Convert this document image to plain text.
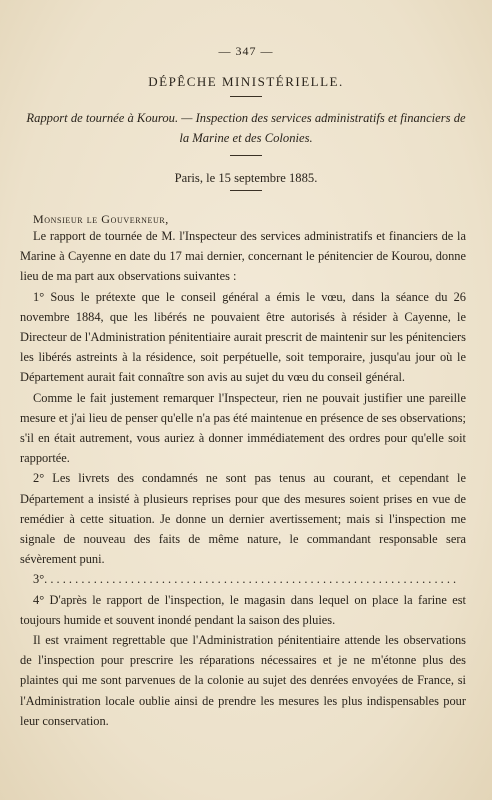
— 347 —
DÉPÊCHE MINISTÉRIELLE.
Rapport de tournée à Kourou. — Inspection des services administratifs et financiers de la Marine et des Colonies.
Paris, le 15 septembre 1885.
Monsieur le Gouverneur,

Le rapport de tournée de M. l'Inspecteur des services administratifs et financiers de la Marine à Cayenne en date du 17 mai dernier, concernant le pénitencier de Kourou, donne lieu de ma part aux observations suivantes :

1° Sous le prétexte que le conseil général a émis le vœu, dans la séance du 26 novembre 1884, que les libérés ne pouvaient être autorisés à résider à Cayenne, le Directeur de l'Administration pénitentiaire aurait prescrit de maintenir sur les pénitenciers les libérés astreints à la résidence, soit perpétuelle, soit temporaire, jusqu'au jour où le Département aurait fait connaître son avis au sujet du vœu du conseil général.

Comme le fait justement remarquer l'Inspecteur, rien ne pouvait justifier une pareille mesure et j'ai lieu de penser qu'elle n'a pas été maintenue en présence de ses observations; s'il en était autrement, vous auriez à donner immédiatement des ordres pour qu'elle soit rapportée.

2° Les livrets des condamnés ne sont pas tenus au courant, et cependant le Département a insisté à plusieurs reprises pour que des mesures soient prises en vue de remédier à cette situation. Je donne un dernier avertissement; mais si l'inspection me signale de nouveau des faits de même nature, le commandant responsable sera sévèrement puni.

3°. . . . . . . . . . . . . . . . . . . . . . . . . . . . . . . . . . . . . . . . . . . . . . . . . . . . . . . . . . . . . . . . . . .

4° D'après le rapport de l'inspection, le magasin dans lequel on place la farine est toujours humide et souvent inondé pendant la saison des pluies.

Il est vraiment regrettable que l'Administration pénitentiaire attende les observations de l'inspection pour prescrire les réparations nécessaires et je ne m'étonne plus des plaintes qui me sont parvenues de la colonie au sujet des denrées envoyées de France, si l'Administration locale oublie ainsi de prendre les mesures les plus indispensables pour leur conservation.
